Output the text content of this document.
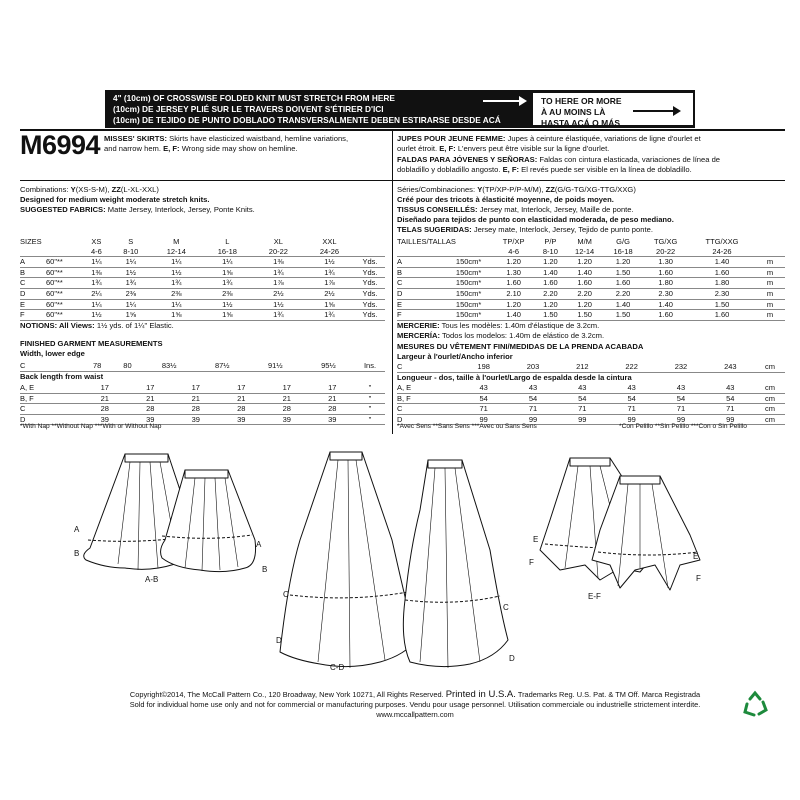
4" (10cm) OF CROSSWISE FOLDED KNIT MUST STRETCH FROM HERE
(10cm) DE JERSEY PLIÉ SUR LE TRAVERS DOIVENT S'ÉTIRER D'ICI
(10cm) DE TEJIDO DE PUNTO DOBLADO TRANSVERSALMENTE DEBEN ESTIRARSE DESDE ACÁ
TO HERE OR MORE
À AU MOINS LÀ
HASTA ACÁ O MÁS
M6994 MISSES' SKIRTS: Skirts have elasticized waistband, hemline variations,
and narrow hem. E, F: Wrong side may show on hemline.
Combinations: Y(XS-S-M), ZZ(L-XL-XXL)
Designed for medium weight moderate stretch knits.
SUGGESTED FABRICS: Matte Jersey, Interlock, Jersey, Ponte Knits.
SIZES		XS	S	M	L	XL	XXL	
		4-6	8-10	12-14	16-18	20-22	24-26	
A	60"**	1¼	1¼	1¼	1¼	1⅜	1½	Yds.
B	60"**	1⅜	1½	1½	1⅝	1¾	1¾	Yds.
C	60"**	1¾	1¾	1¾	1¾	1⅞	1⅞	Yds.
D	60"**	2¼	2⅜	2⅜	2⅜	2½	2½	Yds.
E	60"**	1¼	1¼	1¼	1½	1½	1⅝	Yds.
F	60"**	1½	1⅝	1⅝	1⅝	1¾	1¾	Yds.
NOTIONS: All Views: 1½ yds. of 1¼" Elastic.
FINISHED GARMENT MEASUREMENTS
Width, lower edge
C		78	80	83½	87½	91½	95½	Ins.
Back length from waist
A, E		17	17	17	17	17	17	"
B, F		21	21	21	21	21	21	"
C		28	28	28	28	28	28	"
D		39	39	39	39	39	39	"
*With Nap **Without Nap ***With or Without Nap
JUPES POUR JEUNE FEMME: Jupes à ceinture élastiquée, variations de ligne d'ourlet et
ourlet étroit. E, F: L'envers peut être visible sur la ligne d'ourlet.
FALDAS PARA JÓVENES Y SEÑORAS: Faldas con cintura elasticada, variaciones de línea de
dobladillo y dobladillo angosto. E, F: El revés puede ser visible en la línea de dobladillo.
Séries/Combinaciones: Y(TP/XP-P/P-M/M), ZZ(G/G-TG/XG-TTG/XXG)
Créé pour des tricots à élasticité moyenne, de poids moyen.
TISSUS CONSEILLÉS: Jersey mat, Interlock, Jersey, Maille de ponte.
Diseñado para tejidos de punto con elasticidad moderada, de peso mediano.
TELAS SUGERIDAS: Jersey mate, Interlock, Jersey, Tejido de punto ponte.
TAILLES/TALLAS		TP/XP	P/P	M/M	G/G	TG/XG	TTG/XXG	
		4-6	8-10	12-14	16-18	20-22	24-26	
A	150cm*	1.20	1.20	1.20	1.20	1.30	1.40	m
B	150cm*	1.30	1.40	1.40	1.50	1.60	1.60	m
C	150cm*	1.60	1.60	1.60	1.60	1.80	1.80	m
D	150cm*	2.10	2.20	2.20	2.20	2.30	2.30	m
E	150cm*	1.20	1.20	1.20	1.40	1.40	1.50	m
F	150cm*	1.40	1.50	1.50	1.50	1.60	1.60	m
MERCERIE: Tous les modèles: 1.40m d'élastique de 3.2cm.
MERCERÍA: Todos los modelos: 1.40m de elástico de 3.2cm.
MESURES DU VÊTEMENT FINI/MEDIDAS DE LA PRENDA ACABADA
Largeur à l'ourlet/Ancho inferior
C		198	203	212	222	232	243	cm
Longueur - dos, taille à l'ourlet/Largo de espalda desde la cintura
A, E		43	43	43	43	43	43	cm
B, F		54	54	54	54	54	54	cm
C		71	71	71	71	71	71	cm
D		99	99	99	99	99	99	cm
*Avec Sens **Sans Sens ***Avec ou Sans Sens	*Con Pelillo **Sin Pelillo ***Con o Sin Pelillo
A
B
A-B
A
B
C
D
C-D
C
D
E
F
E-F
E
F
Copyright©2014, The McCall Pattern Co., 120 Broadway, New York 10271, All Rights Reserved. Printed in U.S.A. Trademarks Reg. U.S. Pat. & TM Off. Marca Registrada
Sold for individual home use only and not for commercial or manufacturing purposes. Vendu pour usage personnel. Utilisation commerciale ou industrielle strictement interdite.
www.mccallpattern.com
